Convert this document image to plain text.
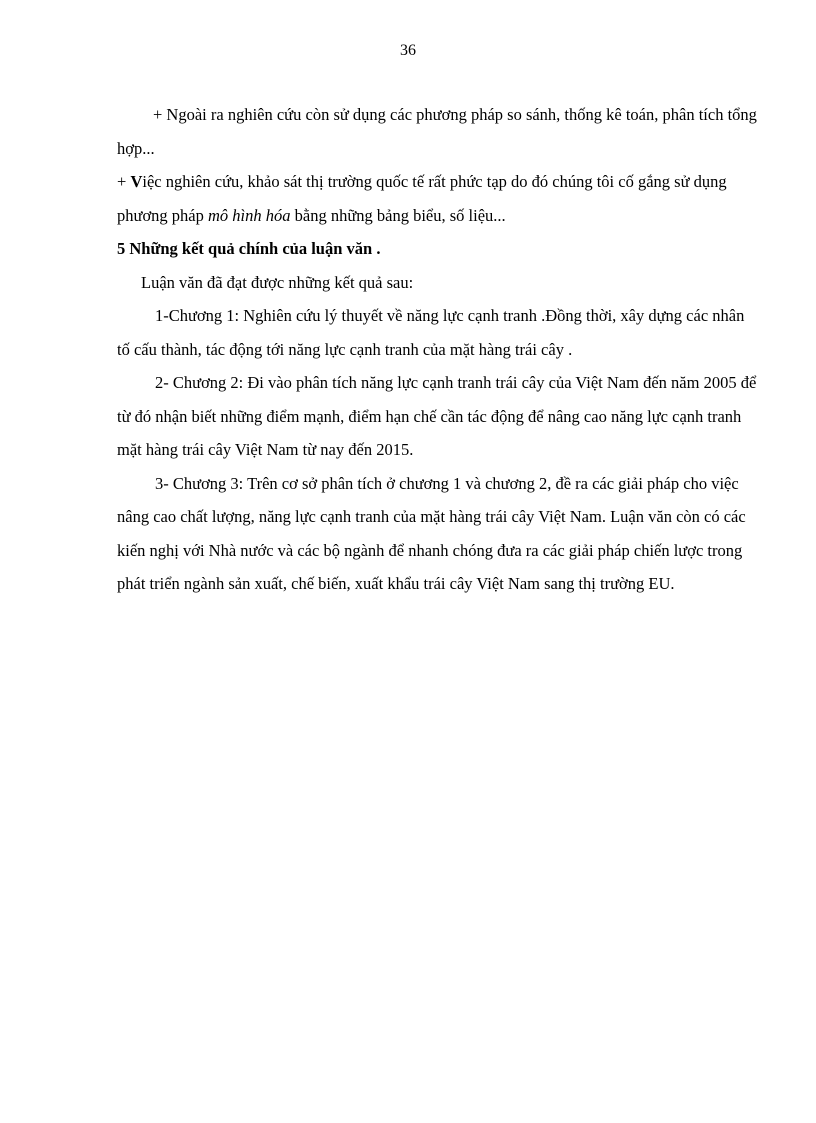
36

+ Ngoài ra nghiên cứu còn sử dụng các phương pháp so sánh, thống kê toán, phân tích tổng hợp...

+ Việc nghiên cứu, khảo sát thị trường quốc tế rất phức tạp do đó chúng tôi cố gắng sử dụng phương pháp mô hình hóa bằng những bảng biểu, số liệu...

5 Những kết quả chính của luận văn .

Luận văn đã đạt được những kết quả sau:

1-Chương 1: Nghiên cứu lý thuyết về năng lực cạnh tranh .Đồng thời, xây dựng các nhân tố cấu thành, tác động tới năng lực cạnh tranh của mặt hàng trái cây .

2- Chương 2: Đi vào phân tích năng lực cạnh tranh trái cây của Việt Nam đến năm 2005 để từ đó nhận biết những điểm mạnh, điểm hạn chế cần tác động để nâng cao năng lực cạnh tranh mặt hàng trái cây Việt Nam từ nay đến 2015.

3- Chương 3: Trên cơ sở phân tích ở chương 1 và chương 2, đề ra các giải pháp cho việc nâng cao chất lượng, năng lực cạnh tranh của mặt hàng trái cây Việt Nam. Luận văn còn có các kiến nghị với Nhà nước và các bộ ngành để nhanh chóng đưa ra các giải pháp chiến lược trong phát triển ngành sản xuất, chế biến, xuất khẩu trái cây Việt Nam sang thị trường EU.
